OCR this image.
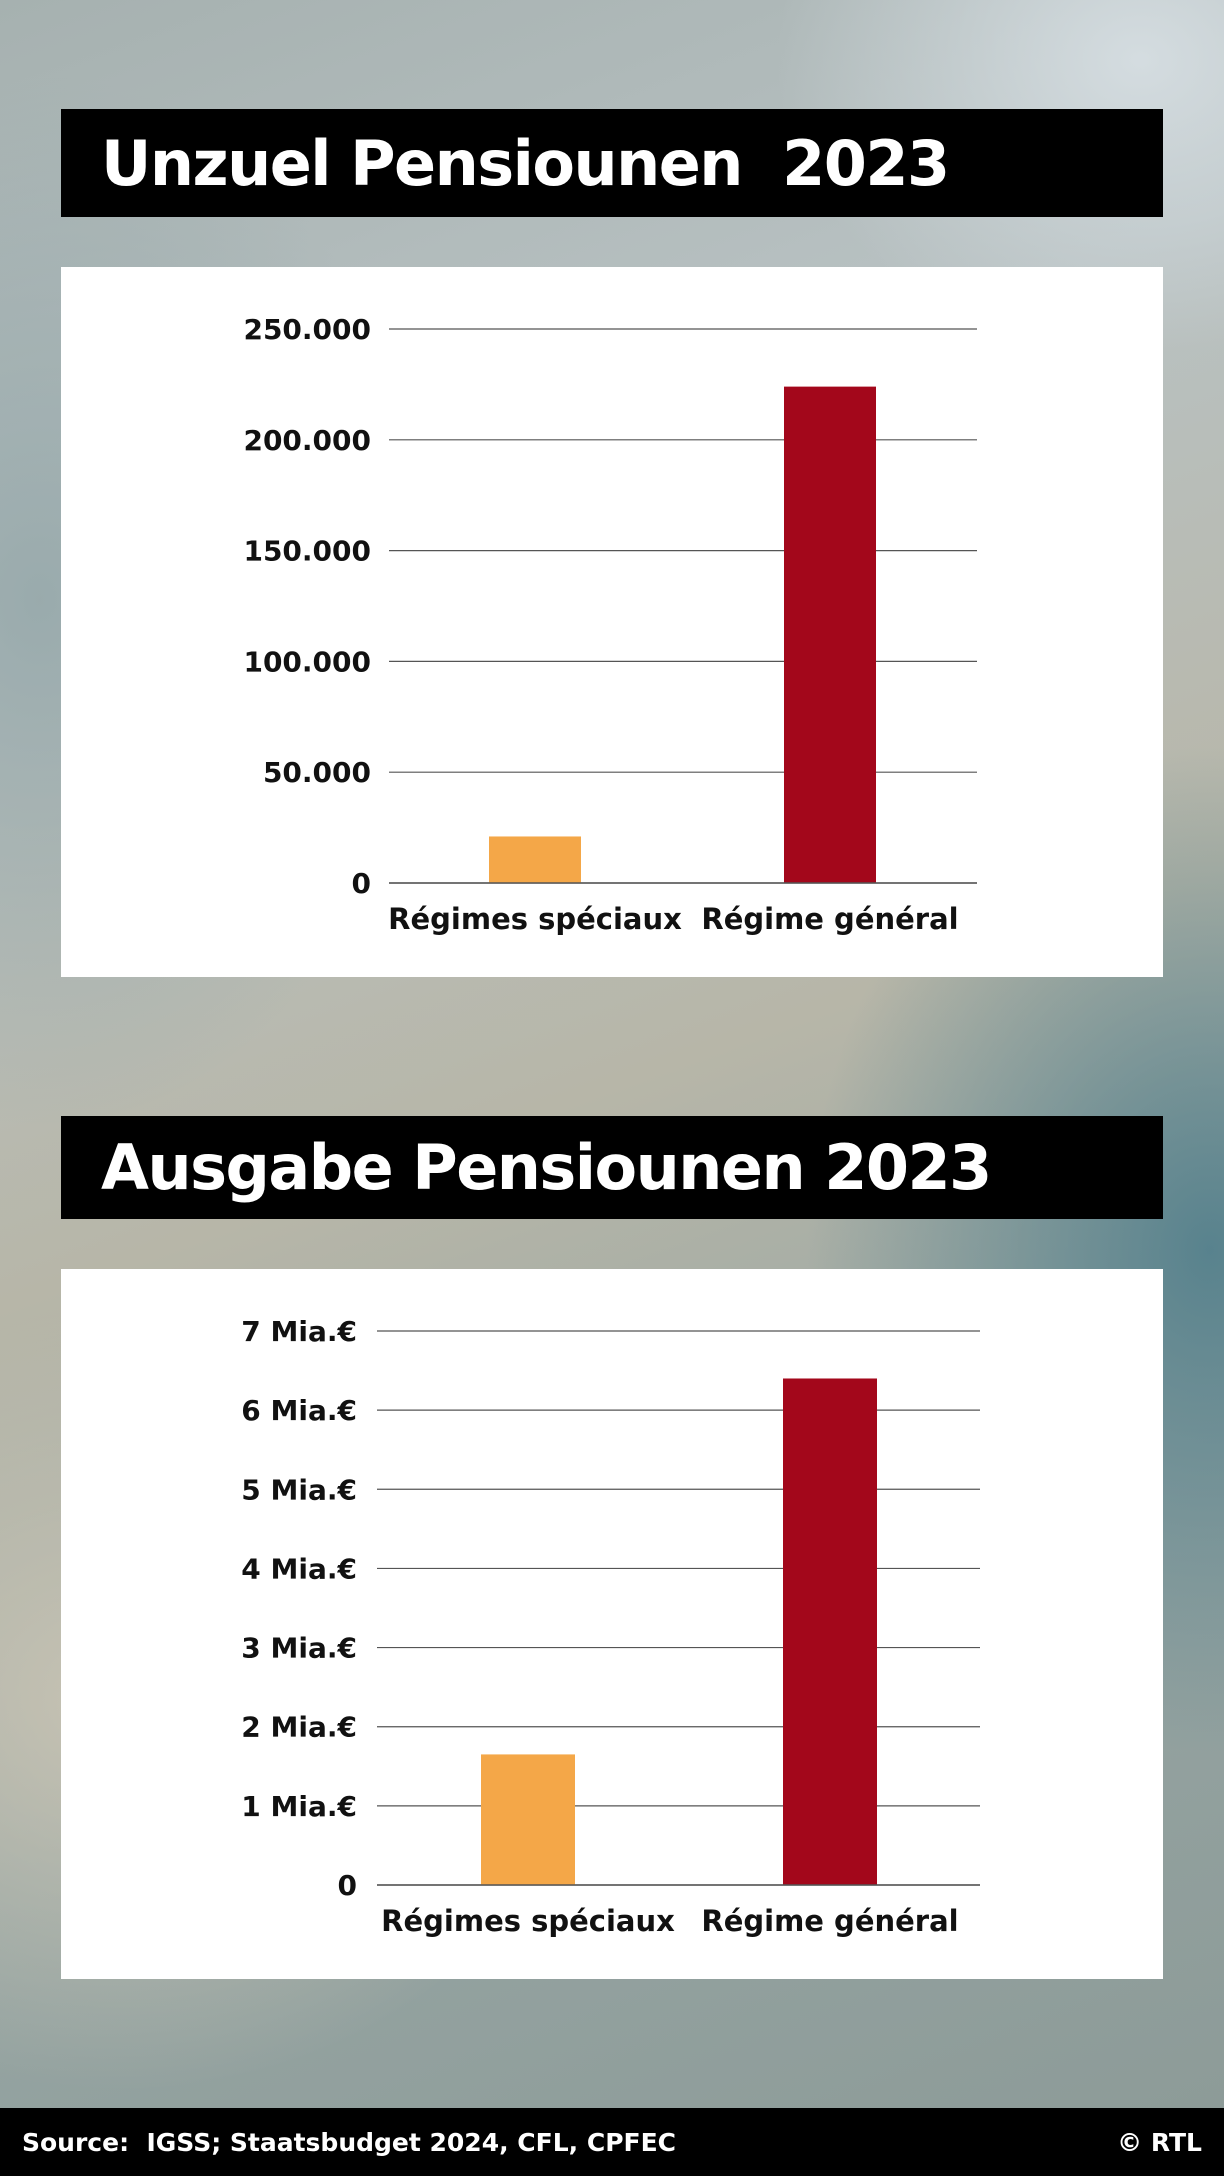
Unzuel Pensiounen  2023
0
50.000
100.000
150.000
200.000
250.000
Régimes spéciaux Régime général
Ausgabe Pensiounen 2023
0
1 Mia.€
2 Mia.€
3 Mia.€
4 Mia.€
5 Mia.€
6 Mia.€
7 Mia.€
Régimes spéciaux Régime général
Source:  IGSS; Staatsbudget 2024, CFL, CPFEC	© RTL
